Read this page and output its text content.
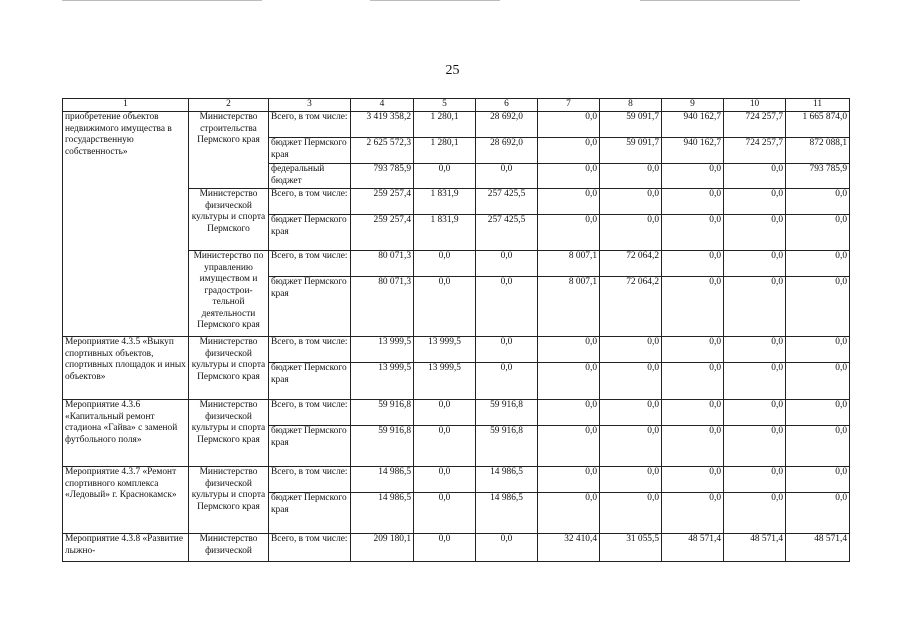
25
1	2	3	4	5	6	7	8	9	10	11
приобретение объектов недвижимого имущества в государственную собственность»	Министерство строительства Пермского края	Всего, в том числе:	3 419 358,2	1 280,1	28 692,0	0,0	59 091,7	940 162,7	724 257,7	1 665 874,0
		бюджет Пермского края	2 625 572,3	1 280,1	28 692,0	0,0	59 091,7	940 162,7	724 257,7	872 088,1
		федеральный бюджет	793 785,9	0,0	0,0	0,0	0,0	0,0	0,0	793 785,9
	Министерство физической культуры и спорта Пермского	Всего, в том числе:	259 257,4	1 831,9	257 425,5	0,0	0,0	0,0	0,0	0,0
		бюджет Пермского края	259 257,4	1 831,9	257 425,5	0,0	0,0	0,0	0,0	0,0
	Министерство по управлению имуществом и градострои-тельной деятельности Пермского края	Всего, в том числе:	80 071,3	0,0	0,0	8 007,1	72 064,2	0,0	0,0	0,0
		бюджет Пермского края	80 071,3	0,0	0,0	8 007,1	72 064,2	0,0	0,0	0,0
Мероприятие 4.3.5 «Выкуп спортивных объектов, спортивных площадок и иных объектов»	Министерство физической культуры и спорта Пермского края	Всего, в том числе:	13 999,5	13 999,5	0,0	0,0	0,0	0,0	0,0	0,0
		бюджет Пермского края	13 999,5	13 999,5	0,0	0,0	0,0	0,0	0,0	0,0
Мероприятие 4.3.6 «Капитальный ремонт стадиона «Гайва» с заменой футбольного поля»	Министерство физической культуры и спорта Пермского края	Всего, в том числе:	59 916,8	0,0	59 916,8	0,0	0,0	0,0	0,0	0,0
		бюджет Пермского края	59 916,8	0,0	59 916,8	0,0	0,0	0,0	0,0	0,0
Мероприятие 4.3.7 «Ремонт спортивного комплекса «Ледовый» г. Краснокамск»	Министерство физической культуры и спорта Пермского края	Всего, в том числе:	14 986,5	0,0	14 986,5	0,0	0,0	0,0	0,0	0,0
		бюджет Пермского края	14 986,5	0,0	14 986,5	0,0	0,0	0,0	0,0	0,0
Мероприятие 4.3.8 «Развитие лыжно-	Министерство физической	Всего, в том числе:	209 180,1	0,0	0,0	32 410,4	31 055,5	48 571,4	48 571,4	48 571,4
